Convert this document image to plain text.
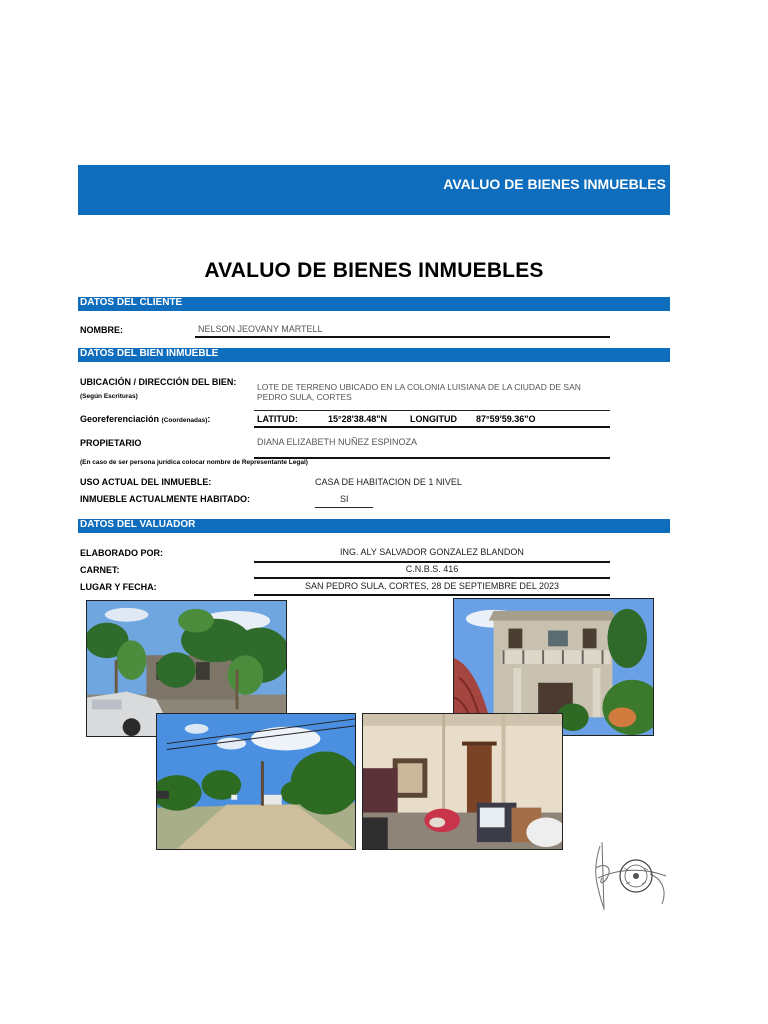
AVALUO DE BIENES INMUEBLES
AVALUO DE BIENES INMUEBLES
DATOS DEL CLIENTE
NOMBRE:	NELSON JEOVANY MARTELL
DATOS DEL BIEN INMUEBLE
UBICACIÓN / DIRECCIÓN DEL BIEN:
(Según Escrituras)
LOTE DE TERRENO UBICADO EN LA COLONIA LUISIANA DE LA CIUDAD DE SAN
PEDRO SULA, CORTES
Georeferenciación (Coordenadas):	LATITUD:	15°28'38.48"N	LONGITUD 87°59'59.36"O
PROPIETARIO	DIANA ELIZABETH NUÑEZ ESPINOZA
(En caso de ser persona jurídica colocar nombre de Representante Legal)
USO ACTUAL DEL INMUEBLE:	CASA DE HABITACION DE 1 NIVEL
INMUEBLE ACTUALMENTE HABITADO:	SI
DATOS DEL VALUADOR
ELABORADO POR:	ING. ALY SALVADOR GONZALEZ BLANDON
CARNET:	C.N.B.S. 416
LUGAR Y FECHA:	SAN PEDRO SULA, CORTES, 28 DE SEPTIEMBRE DEL 2023
